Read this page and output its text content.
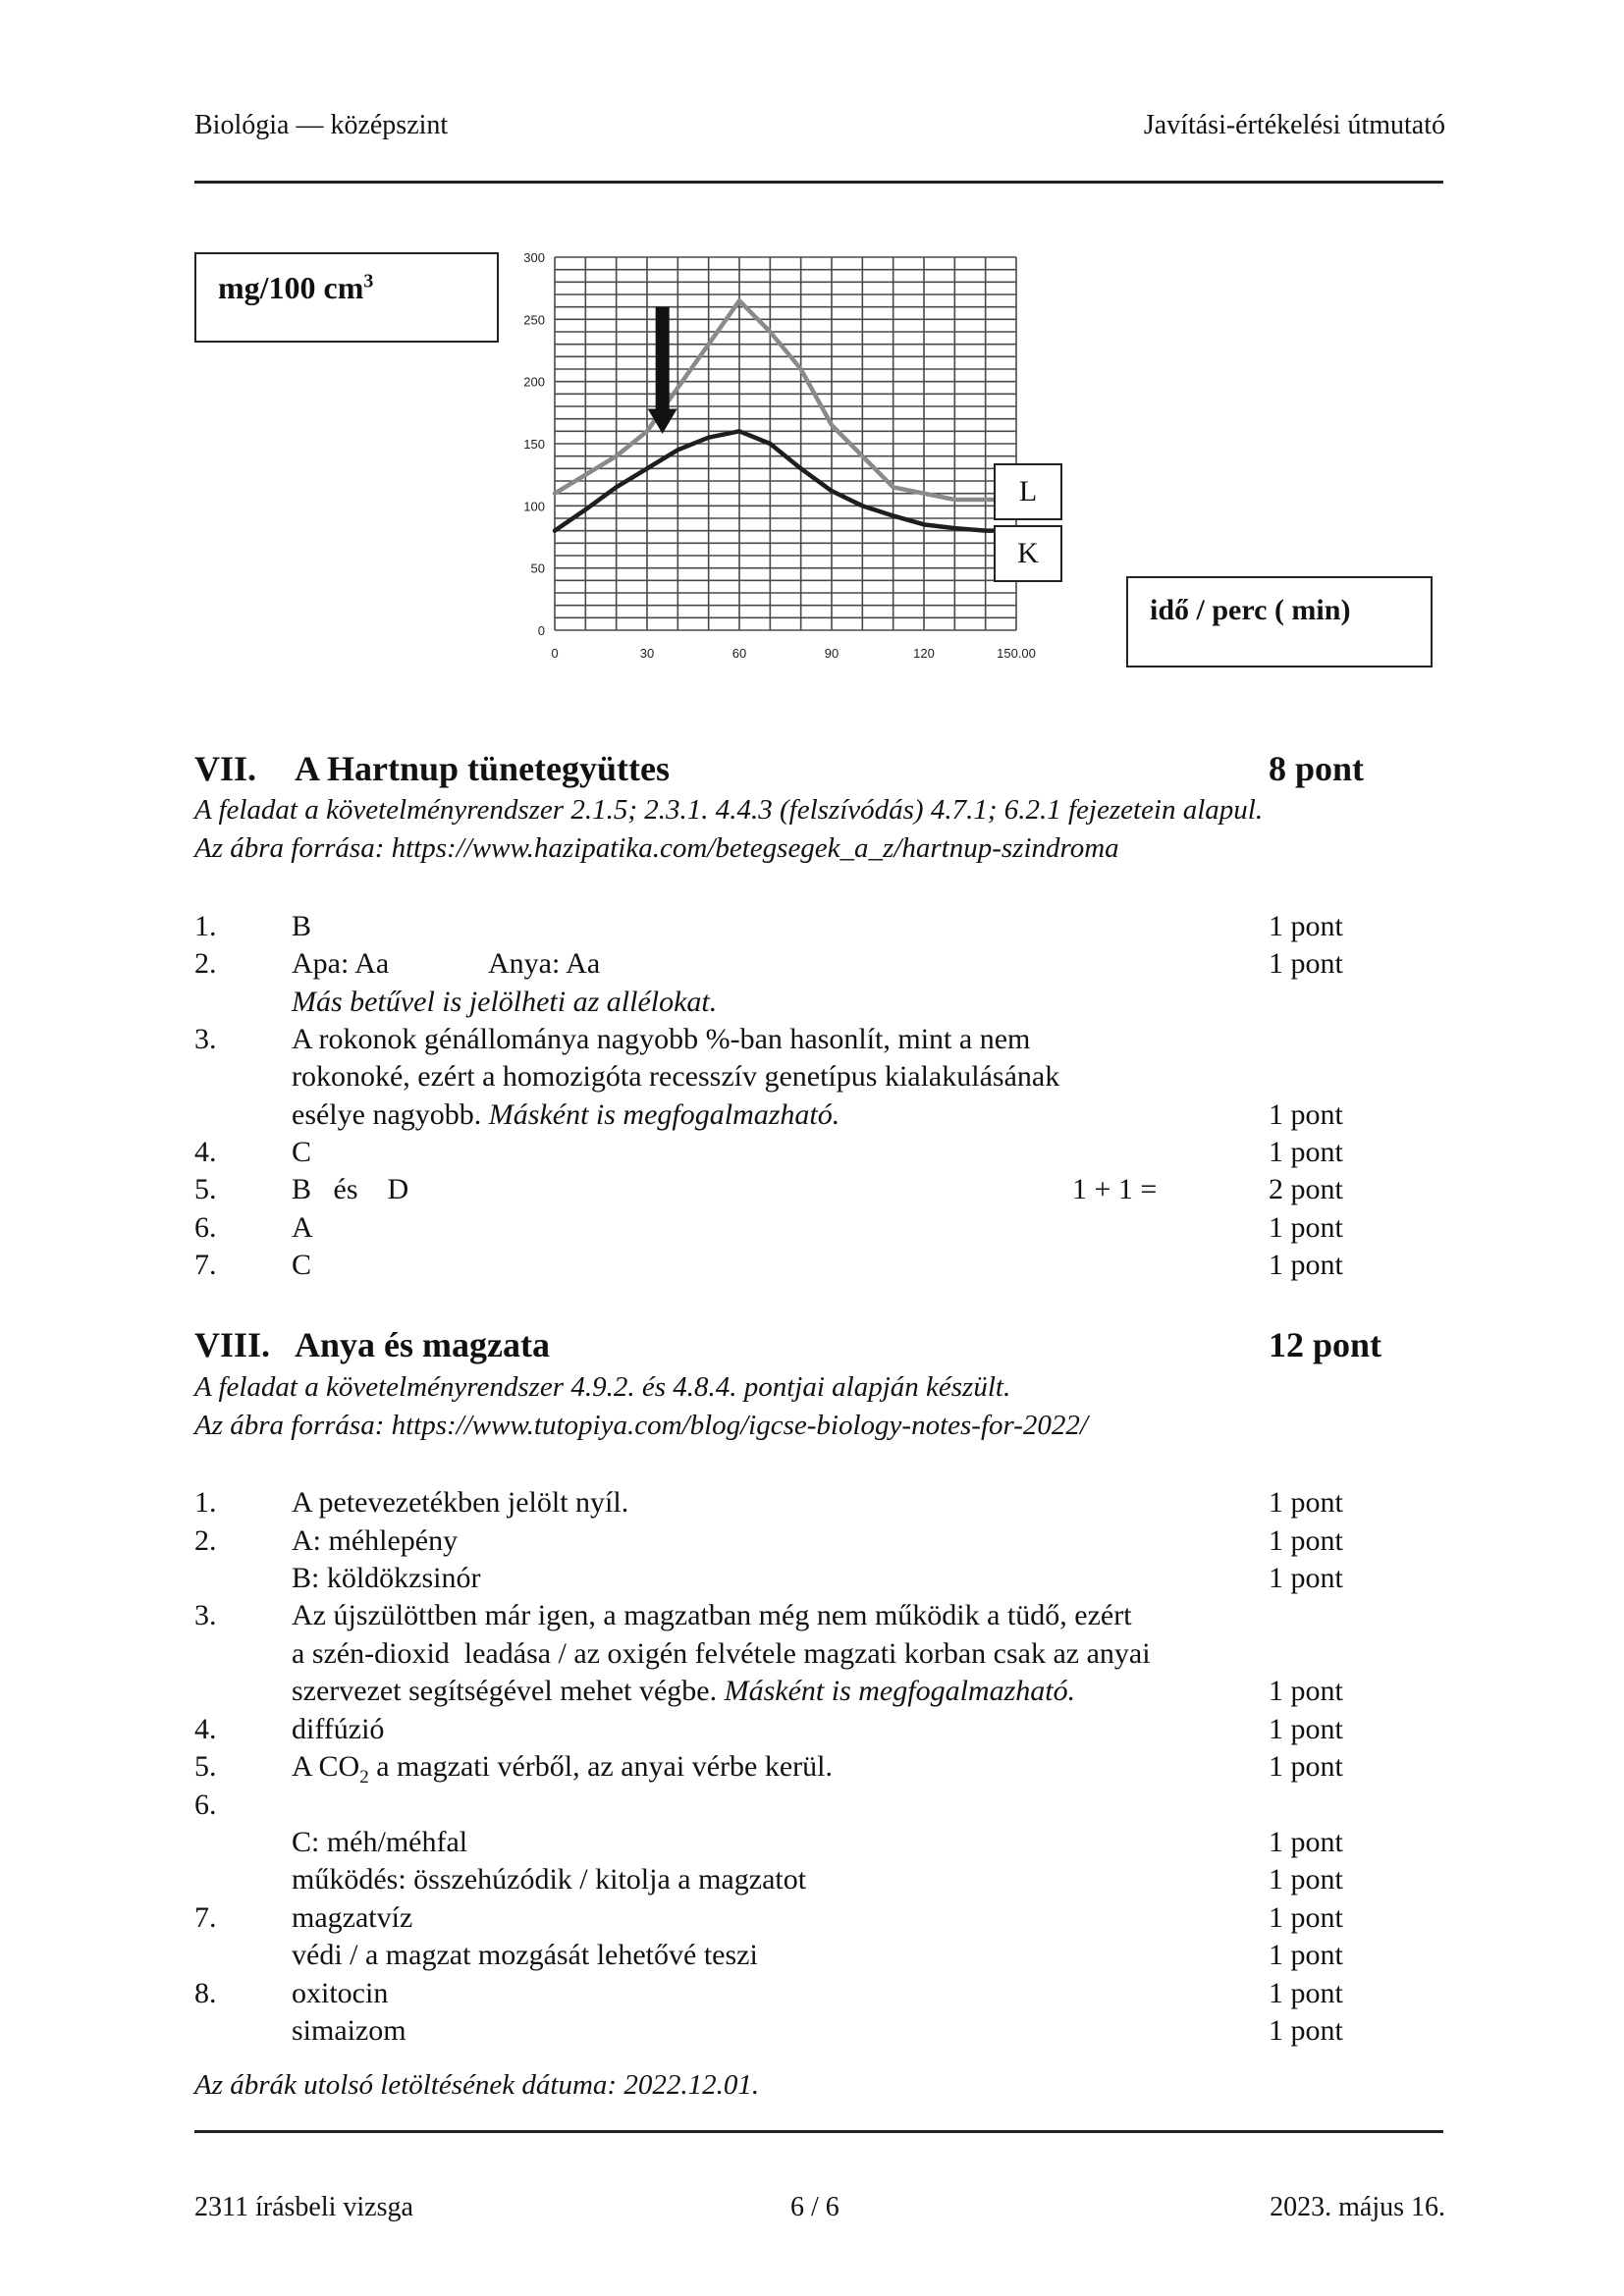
Biológia — középszint	Javítási-értékelési útmutató
mg/100 $cm^3$
0
50
100
150
200
250
300
0	30	60	90	120	150.00
L
K
idő / perc ( min)
VII. A Hartnup tünetegyüttes	8 pont
A feladat a követelményrendszer 2.1.5; 2.3.1. 4.4.3 (felszívódás) 4.7.1; 6.2.1 fejezetein alapul.
Az ábra forrása: https://www.hazipatika.com/betegsegek_a_z/hartnup-szindroma
1.	B	1 pont
2.	Apa: Aa	Anya: Aa	1 pont
Más betűvel is jelölheti az allélokat.
3.	A rokonok génállománya nagyobb %-ban hasonlít, mint a nem
rokonoké, ezért a homozigóta recesszív genetípus kialakulásának
esélye nagyobb. Másként is megfogalmazható.	1 pont
4.	C	1 pont
5.	B   és    D	1 + 1 =	2 pont
6.	A	1 pont
7.	C	1 pont
VIII. Anya és magzata	12 pont
A feladat a követelményrendszer 4.9.2. és 4.8.4. pontjai alapján készült.
Az ábra forrása: https://www.tutopiya.com/blog/igcse-biology-notes-for-2022/
1.	A petevezetékben jelölt nyíl.	1 pont
2.	A: méhlepény	1 pont
B: köldökzsinór	1 pont
3.	Az újszülöttben már igen, a magzatban még nem működik a tüdő, ezért
a szén-dioxid  leadása / az oxigén felvétele magzati korban csak az anyai
szervezet segítségével mehet végbe. Másként is megfogalmazható.	1 pont
4.	diffúzió	1 pont
5.	A $CO_2$ a magzati vérből, az anyai vérbe kerül.	1 pont
6.
C: méh/méhfal	1 pont
működés: összehúzódik / kitolja a magzatot	1 pont
7.	magzatvíz	1 pont
védi / a magzat mozgását lehetővé teszi	1 pont
8.	oxitocin	1 pont
simaizom	1 pont
Az ábrák utolsó letöltésének dátuma: 2022.12.01.
2311 írásbeli vizsga	6 / 6	2023. május 16.
